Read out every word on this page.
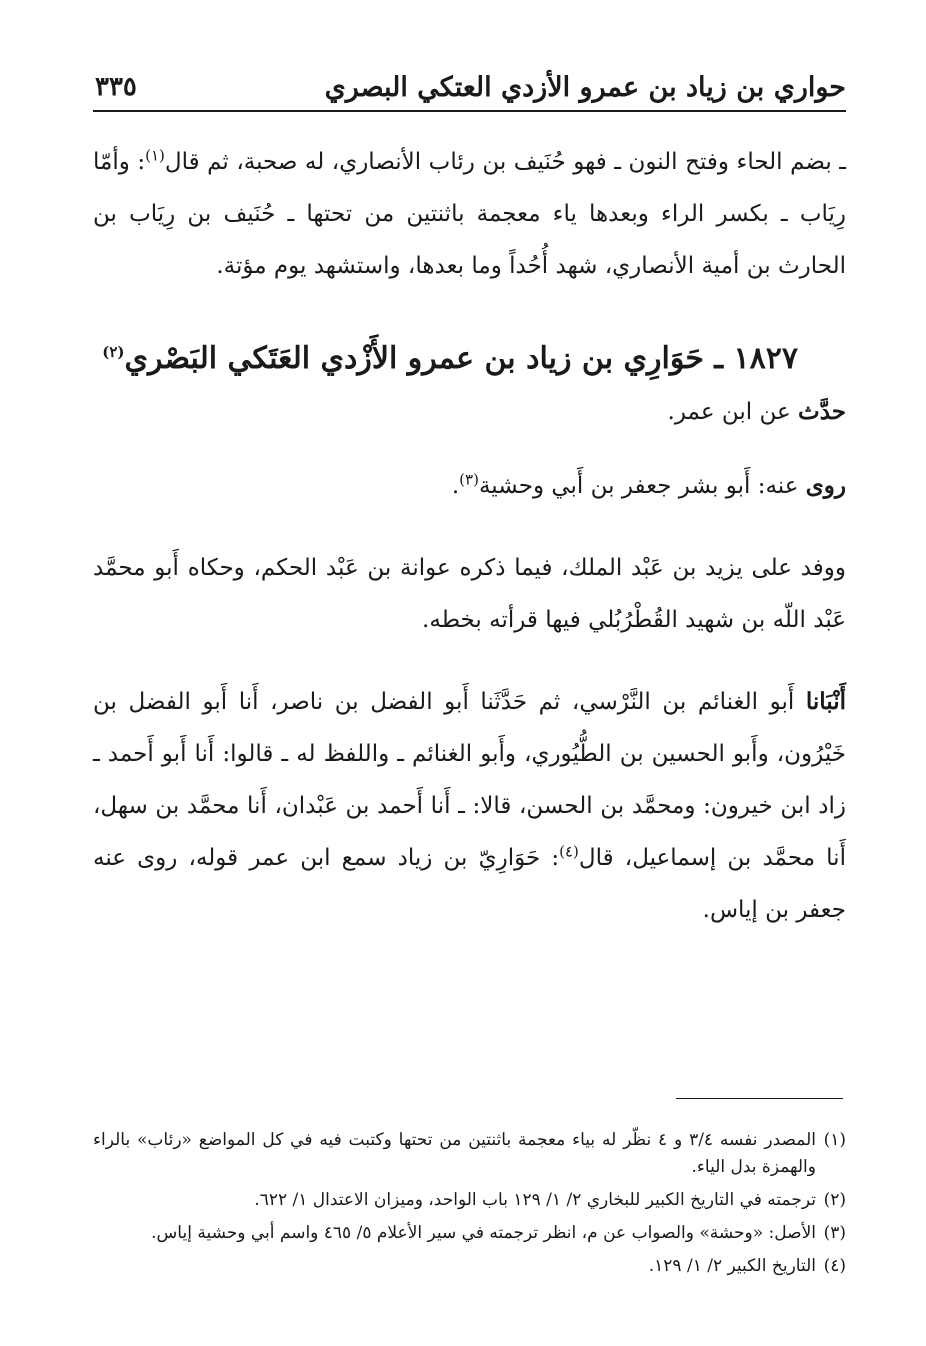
حواري بن زياد بن عمرو الأزدي العتكي البصري
٣٣٥

ـ بضم الحاء وفتح النون ـ فهو حُنَيف بن رئاب الأنصاري، له صحبة، ثم قال$^{(١)}$: وأمّا رِيَاب ـ بكسر الراء وبعدها ياء معجمة باثنتين من تحتها ـ حُنَيف بن رِيَاب بن الحارث بن أمية الأنصاري، شهد أُحُداً وما بعدها، واستشهد يوم مؤتة.

١٨٢٧ ـ حَوَارِي بن زياد بن عمرو الأَزْدي العَتَكي البَصْري$^{(٢)}$

حدَّث عن ابن عمر.

روى عنه: أَبو بشر جعفر بن أَبي وحشية$^{(٣)}$.

ووفد على يزيد بن عَبْد الملك، فيما ذكره عوانة بن عَبْد الحكم، وحكاه أَبو محمَّد عَبْد اللّه بن شهيد القُطْرُبُلي فيها قرأته بخطه.

أَنْبَانا أَبو الغنائم بن النَّرْسي، ثم حَدَّثَنا أَبو الفضل بن ناصر، أَنا أَبو الفضل بن خَيْرُون، وأَبو الحسين بن الطُّيُوري، وأَبو الغنائم ـ واللفظ له ـ قالوا: أَنا أَبو أَحمد ـ زاد ابن خيرون: ومحمَّد بن الحسن، قالا: ـ أَنا أَحمد بن عَبْدان، أَنا محمَّد بن سهل، أَنا محمَّد بن إسماعيل، قال$^{(٤)}$: حَوَارِيّ بن زياد سمع ابن عمر قوله، روى عنه جعفر بن إياس.

(١)
المصدر نفسه ٣/٤ و ٤ نظّر له بياء معجمة باثنتين من تحتها وكتبت فيه في كل المواضع «رئاب» بالراء والهمزة بدل الياء.
(٢)
ترجمته في التاريخ الكبير للبخاري ٢/ ١/ ١٢٩ باب الواحد، وميزان الاعتدال ١/ ٦٢٢.
(٣)
الأصل: «وحشة» والصواب عن م، انظر ترجمته في سير الأعلام ٥/ ٤٦٥ واسم أبي وحشية إياس.
(٤)
التاريخ الكبير ٢/ ١/ ١٢٩.
